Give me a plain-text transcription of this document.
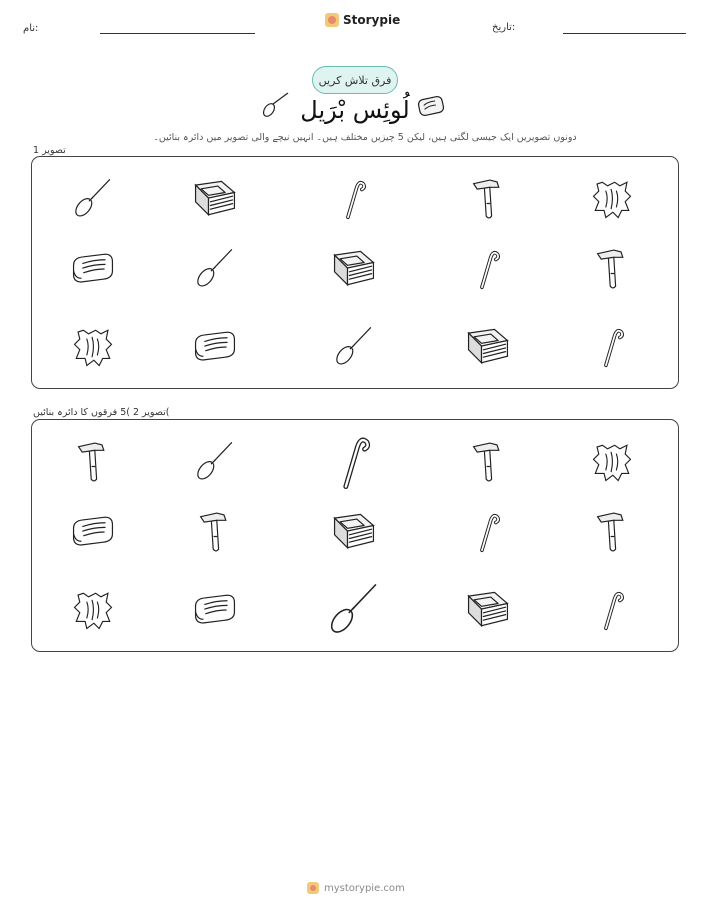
تاریخ:
Storypie
نام:
فرق تلاش کریں
لُوئِس بْرَیل
دونوں تصویریں ایک جیسی لگتی ہیں، لیکن 5 چیزیں مختلف ہیں۔ انہیں نیچے والی تصویر میں دائرہ بنائیں۔
تصویر 1
تصویر 2 )5 فرقوں کا دائرہ بنائیں(
mystorypie.com
